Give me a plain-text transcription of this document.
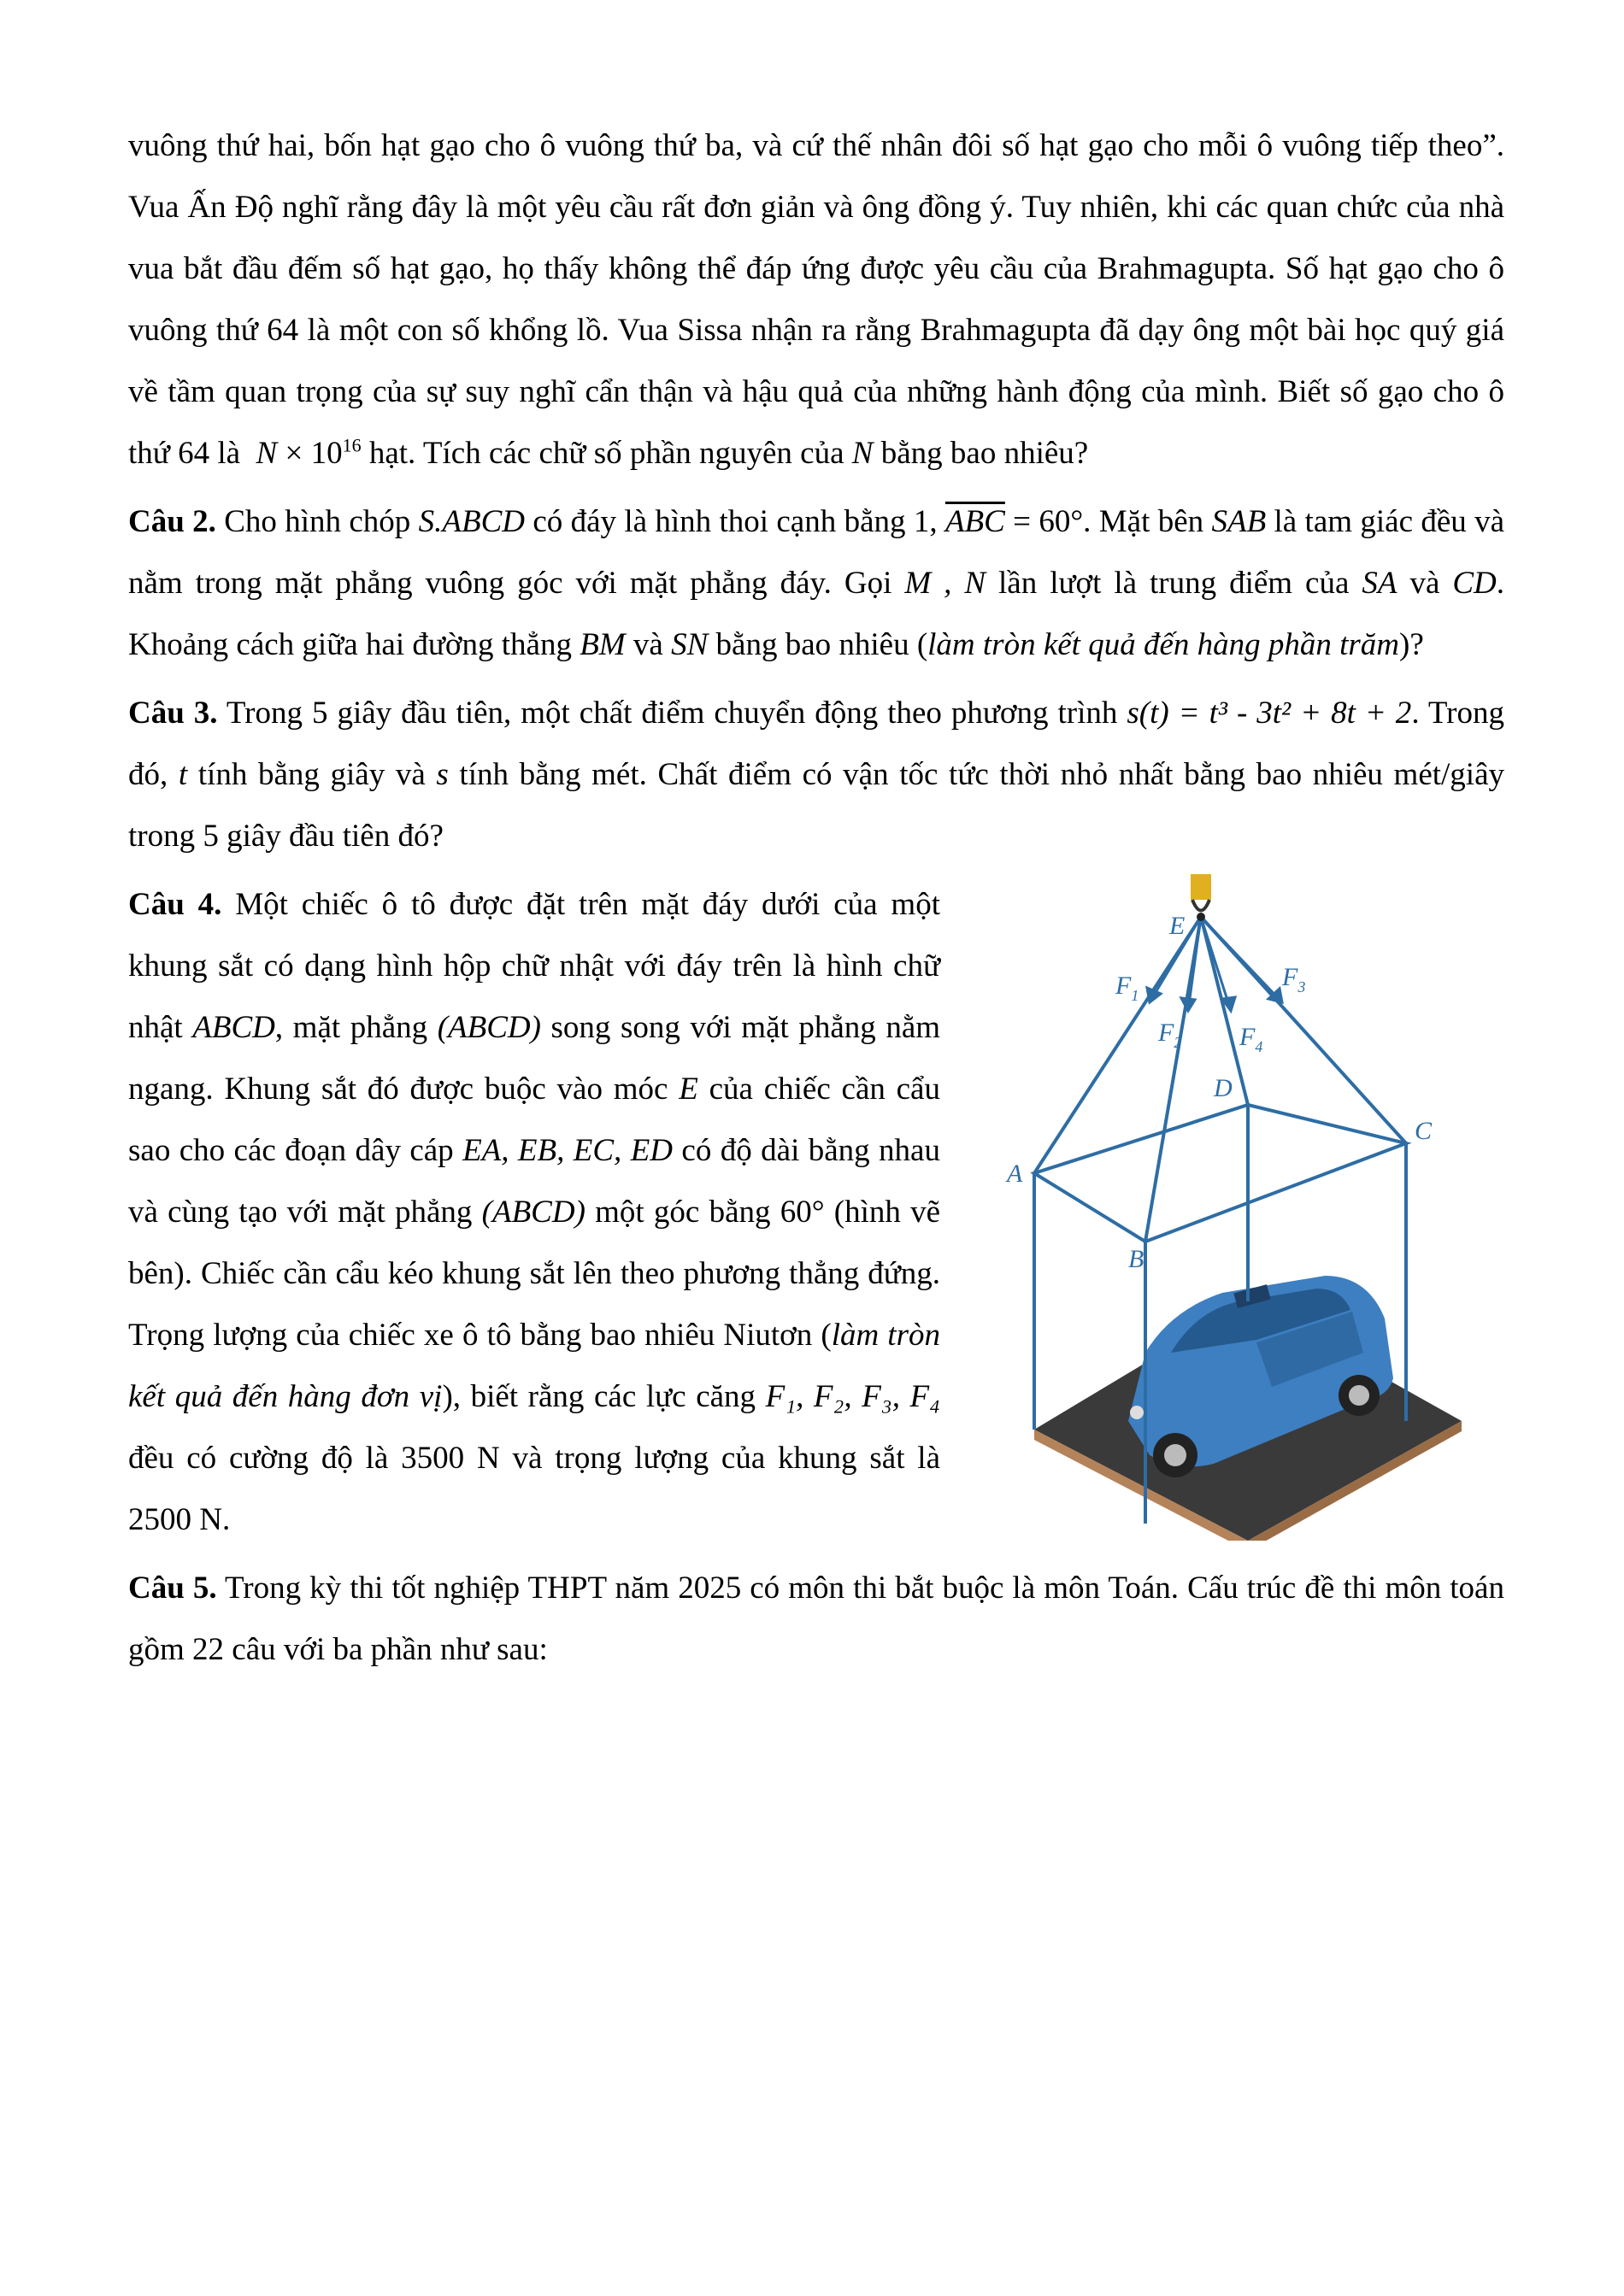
vuông thứ hai, bốn hạt gạo cho ô vuông thứ ba, và cứ thế nhân đôi số hạt gạo cho mỗi ô vuông tiếp theo”. Vua Ấn Độ nghĩ rằng đây là một yêu cầu rất đơn giản và ông đồng ý. Tuy nhiên, khi các quan chức của nhà vua bắt đầu đếm số hạt gạo, họ thấy không thể đáp ứng được yêu cầu của Brahmagupta. Số hạt gạo cho ô vuông thứ 64 là một con số khổng lồ. Vua Sissa nhận ra rằng Brahmagupta đã dạy ông một bài học quý giá về tầm quan trọng của sự suy nghĩ cẩn thận và hậu quả của những hành động của mình. Biết số gạo cho ô thứ 64 là $N \times 10^{16}$ hạt. Tích các chữ số phần nguyên của N bằng bao nhiêu?

Câu 2. Cho hình chóp S.ABCD có đáy là hình thoi cạnh bằng 1, $\overline{ABC} = 60^\circ$. Mặt bên SAB là tam giác đều và nằm trong mặt phẳng vuông góc với mặt phẳng đáy. Gọi M , N lần lượt là trung điểm của SA và CD. Khoảng cách giữa hai đường thẳng BM và SN bằng bao nhiêu (làm tròn kết quả đến hàng phần trăm)?

Câu 3. Trong 5 giây đầu tiên, một chất điểm chuyển động theo phương trình s(t) = t³ - 3t² + 8t + 2. Trong đó, t tính bằng giây và s tính bằng mét. Chất điểm có vận tốc tức thời nhỏ nhất bằng bao nhiêu mét/giây trong 5 giây đầu tiên đó?

Câu 4. Một chiếc ô tô được đặt trên mặt đáy dưới của một khung sắt có dạng hình hộp chữ nhật với đáy trên là hình chữ nhật ABCD, mặt phẳng (ABCD) song song với mặt phẳng nằm ngang. Khung sắt đó được buộc vào móc E của chiếc cần cẩu sao cho các đoạn dây cáp EA, EB, EC, ED có độ dài bằng nhau và cùng tạo với mặt phẳng (ABCD) một góc bằng 60° (hình vẽ bên). Chiếc cần cẩu kéo khung sắt lên theo phương thẳng đứng. Trọng lượng của chiếc xe ô tô bằng bao nhiêu Niutơn (làm tròn kết quả đến hàng đơn vị), biết rằng các lực căng F₁, F₂, F₃, F₄ đều có cường độ là 3500 N và trọng lượng của khung sắt là 2500 N.

E
A
B
C
D
$F_1$
$F_2$
$F_3$
$F_4$

Câu 5. Trong kỳ thi tốt nghiệp THPT năm 2025 có môn thi bắt buộc là môn Toán. Cấu trúc đề thi môn toán gồm 22 câu với ba phần như sau:
